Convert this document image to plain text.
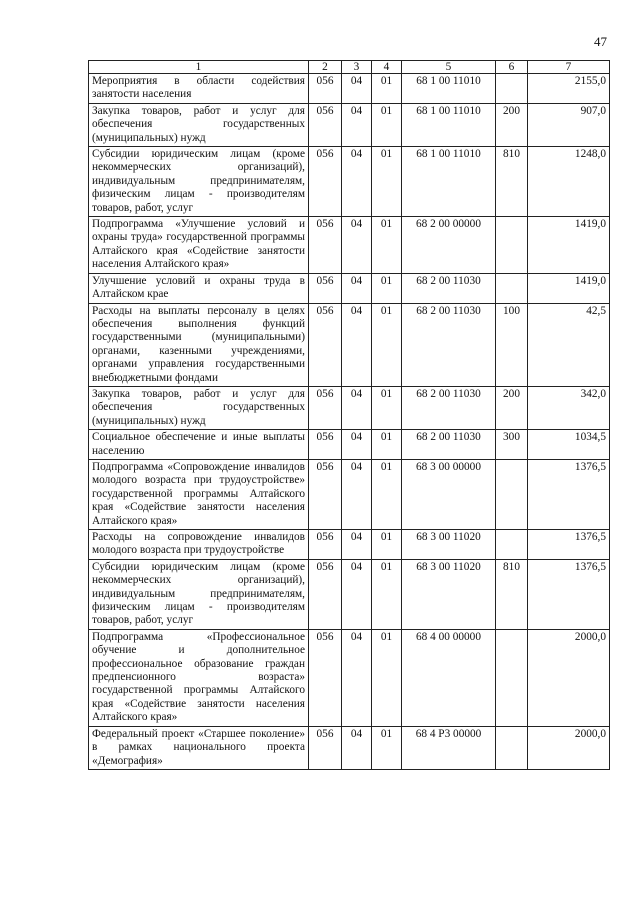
47
1	2	3	4	5	6	7
Мероприятия в области содействия занятости населения	056	04	01	68 1 00 11010		2155,0
Закупка товаров, работ и услуг для обеспечения государственных (муниципальных) нужд	056	04	01	68 1 00 11010	200	907,0
Субсидии юридическим лицам (кроме некоммерческих организаций), индивидуальным предпринимателям, физическим лицам - производителям товаров, работ, услуг	056	04	01	68 1 00 11010	810	1248,0
Подпрограмма «Улучшение условий и охраны труда» государственной программы Алтайского края «Содействие занятости населения Алтайского края»	056	04	01	68 2 00 00000		1419,0
Улучшение условий и охраны труда в Алтайском крае	056	04	01	68 2 00 11030		1419,0
Расходы на выплаты персоналу в целях обеспечения выполнения функций государственными (муниципальными) органами, казенными учреждениями, органами управления государственными внебюджетными фондами	056	04	01	68 2 00 11030	100	42,5
Закупка товаров, работ и услуг для обеспечения государственных (муниципальных) нужд	056	04	01	68 2 00 11030	200	342,0
Социальное обеспечение и иные выплаты населению	056	04	01	68 2 00 11030	300	1034,5
Подпрограмма «Сопровождение инвалидов молодого возраста при трудоустройстве» государственной программы Алтайского края «Содействие занятости населения Алтайского края»	056	04	01	68 3 00 00000		1376,5
Расходы на сопровождение инвалидов молодого возраста при трудоустройстве	056	04	01	68 3 00 11020		1376,5
Субсидии юридическим лицам (кроме некоммерческих организаций), индивидуальным предпринимателям, физическим лицам - производителям товаров, работ, услуг	056	04	01	68 3 00 11020	810	1376,5
Подпрограмма «Профессиональное обучение и дополнительное профессиональное образование граждан предпенсионного возраста» государственной программы Алтайского края «Содействие занятости населения Алтайского края»	056	04	01	68 4 00 00000		2000,0
Федеральный проект «Старшее поколение» в рамках национального проекта «Демография»	056	04	01	68 4 P3 00000		2000,0
